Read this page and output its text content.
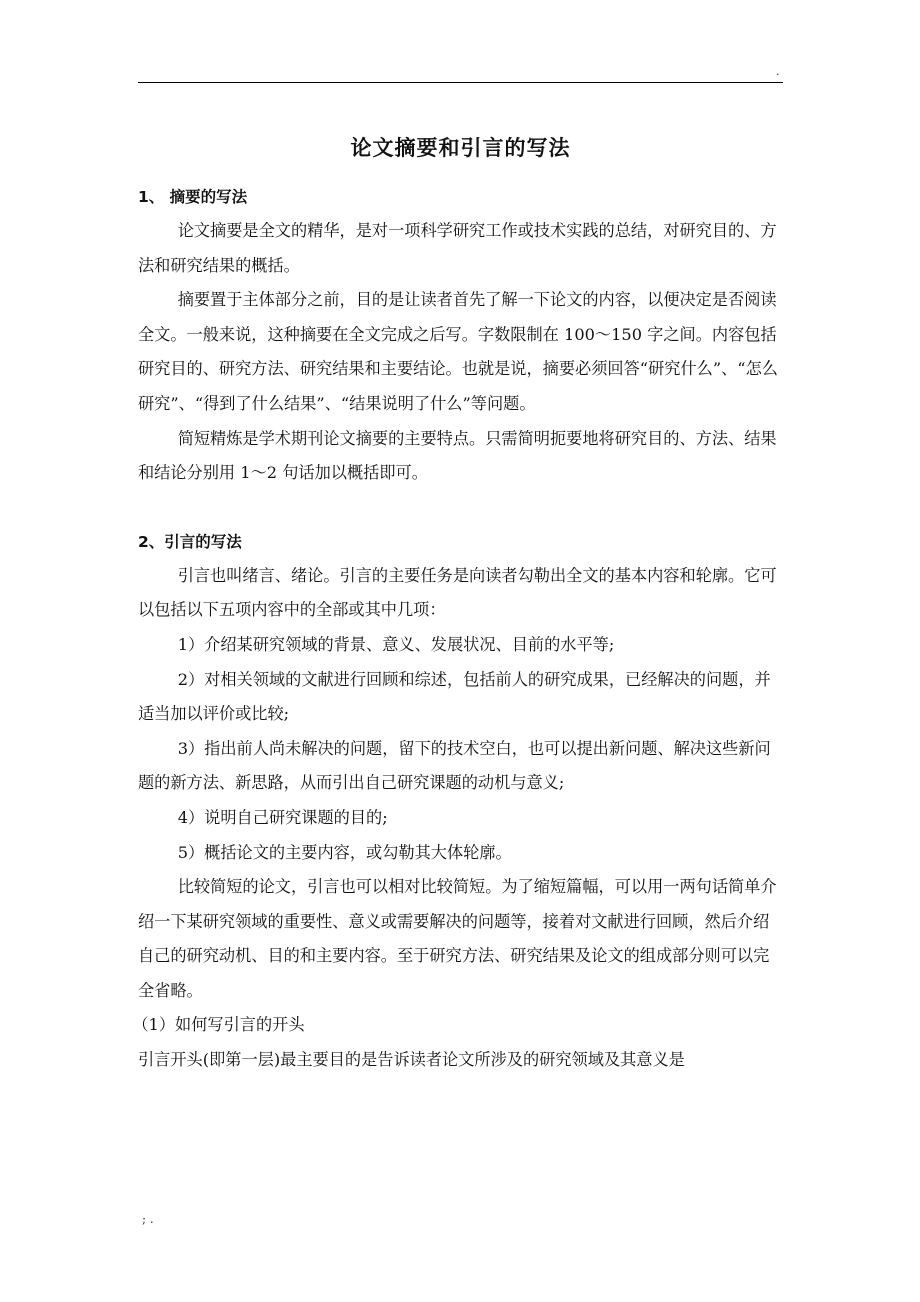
.
论文摘要和引言的写法
1、 摘要的写法
论文摘要是全文的精华，是对一项科学研究工作或技术实践的总结，对研究目的、方法和研究结果的概括。
摘要置于主体部分之前，目的是让读者首先了解一下论文的内容，以便决定是否阅读全文。一般来说，这种摘要在全文完成之后写。字数限制在 100～150 字之间。内容包括研究目的、研究方法、研究结果和主要结论。也就是说，摘要必须回答“研究什么”、“怎么研究”、“得到了什么结果”、“结果说明了什么”等问题。
简短精炼是学术期刊论文摘要的主要特点。只需简明扼要地将研究目的、方法、结果和结论分别用 1～2 句话加以概括即可。
2、引言的写法
引言也叫绪言、绪论。引言的主要任务是向读者勾勒出全文的基本内容和轮廓。它可以包括以下五项内容中的全部或其中几项：
1）介绍某研究领域的背景、意义、发展状况、目前的水平等;
2）对相关领域的文献进行回顾和综述，包括前人的研究成果，已经解决的问题，并适当加以评价或比较;
3）指出前人尚未解决的问题，留下的技术空白，也可以提出新问题、解决这些新问题的新方法、新思路，从而引出自己研究课题的动机与意义;
4）说明自己研究课题的目的;
5）概括论文的主要内容，或勾勒其大体轮廓。
比较简短的论文，引言也可以相对比较简短。为了缩短篇幅，可以用一两句话简单介绍一下某研究领域的重要性、意义或需要解决的问题等，接着对文献进行回顾，然后介绍自己的研究动机、目的和主要内容。至于研究方法、研究结果及论文的组成部分则可以完全省略。
（1）如何写引言的开头
引言开头(即第一层)最主要目的是告诉读者论文所涉及的研究领域及其意义是
; .
